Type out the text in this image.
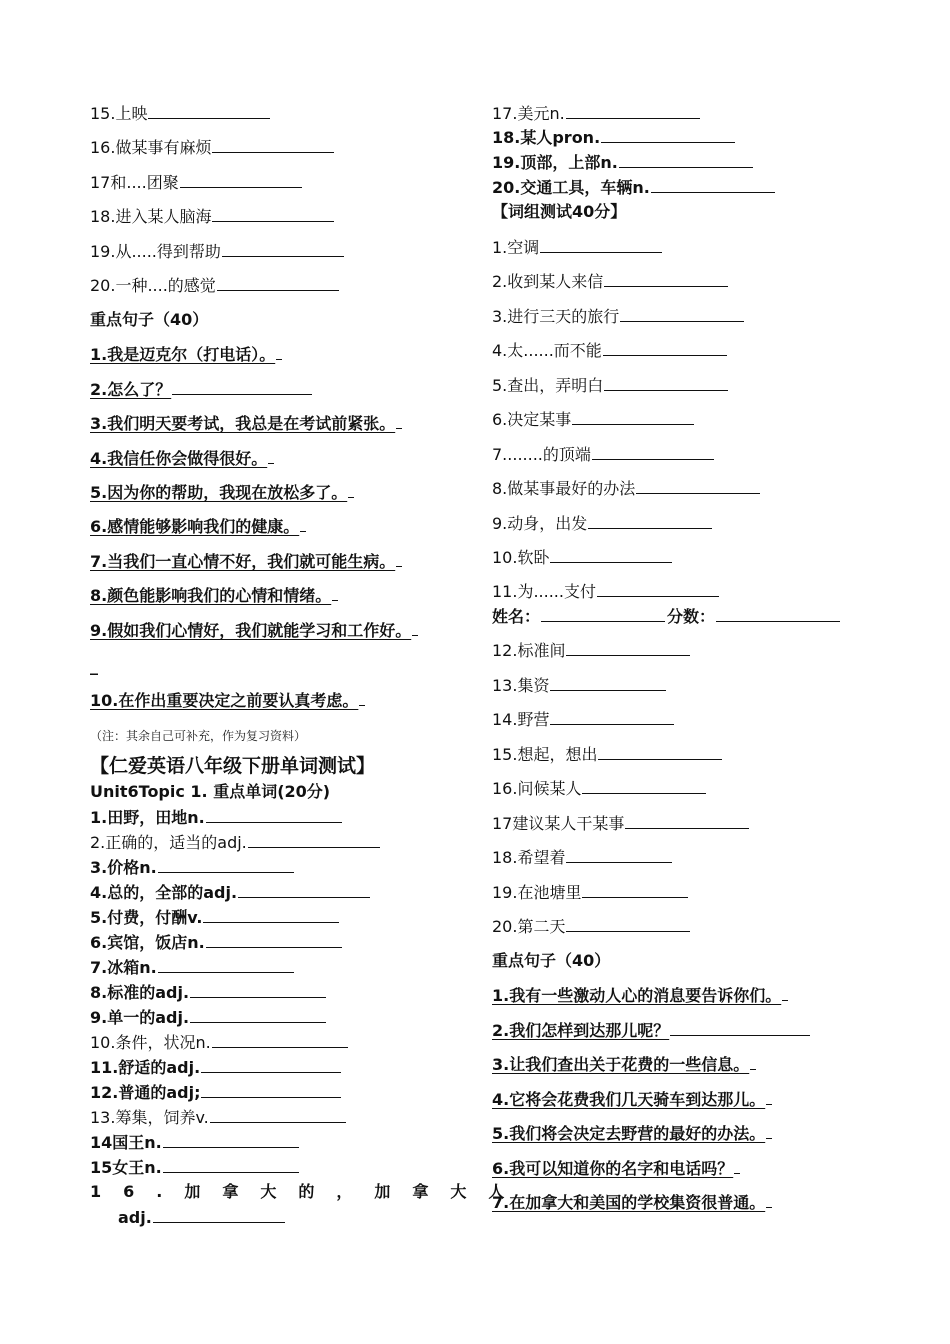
15.上映
16.做某事有麻烦
17和....团聚
18.进入某人脑海
19.从.....得到帮助
20.一种....的感觉
重点句子（40）
1.我是迈克尔（打电话）。
2.怎么了？
3.我们明天要考试，我总是在考试前紧张。
4.我信任你会做得很好。
5.因为你的帮助，我现在放松多了。
6.感情能够影响我们的健康。
7.当我们一直心情不好，我们就可能生病。
8.颜色能影响我们的心情和情绪。
9.假如我们心情好，我们就能学习和工作好。
_
10.在作出重要决定之前要认真考虑。
（注：其余自己可补充，作为复习资料）
【仁爱英语八年级下册单词测试】
Unit6Topic 1. 重点单词(20分)
1.田野，田地n.
2.正确的，适当的adj.
3.价格n.
4.总的，全部的adj.
5.付费，付酬v.
6.宾馆，饭店n.
7.冰箱n.
8.标准的adj.
9.单一的adj.
10.条件，状况n.
11.舒适的adj.
12.普通的adj;
13.筹集，饲养v.
14国王n.
15女王n.
16.加拿大的，加拿大人
adj.
17.美元n.
18.某人pron.
19.顶部，上部n.
20.交通工具，车辆n.
【词组测试40分】
1.空调
2.收到某人来信
3.进行三天的旅行
4.太......而不能
5.查出，弄明白
6.决定某事
7........的顶端
8.做某事最好的办法
9.动身，出发
10.软卧
11.为......支付
姓名：	分数：
12.标准间
13.集资
14.野营
15.想起，想出
16.问候某人
17建议某人干某事
18.希望着
19.在池塘里
20.第二天
重点句子（40）
1.我有一些激动人心的消息要告诉你们。
2.我们怎样到达那儿呢？
3.让我们查出关于花费的一些信息。
4.它将会花费我们几天骑车到达那儿。
5.我们将会决定去野营的最好的办法。
6.我可以知道你的名字和电话吗？
7.在加拿大和美国的学校集资很普通。
